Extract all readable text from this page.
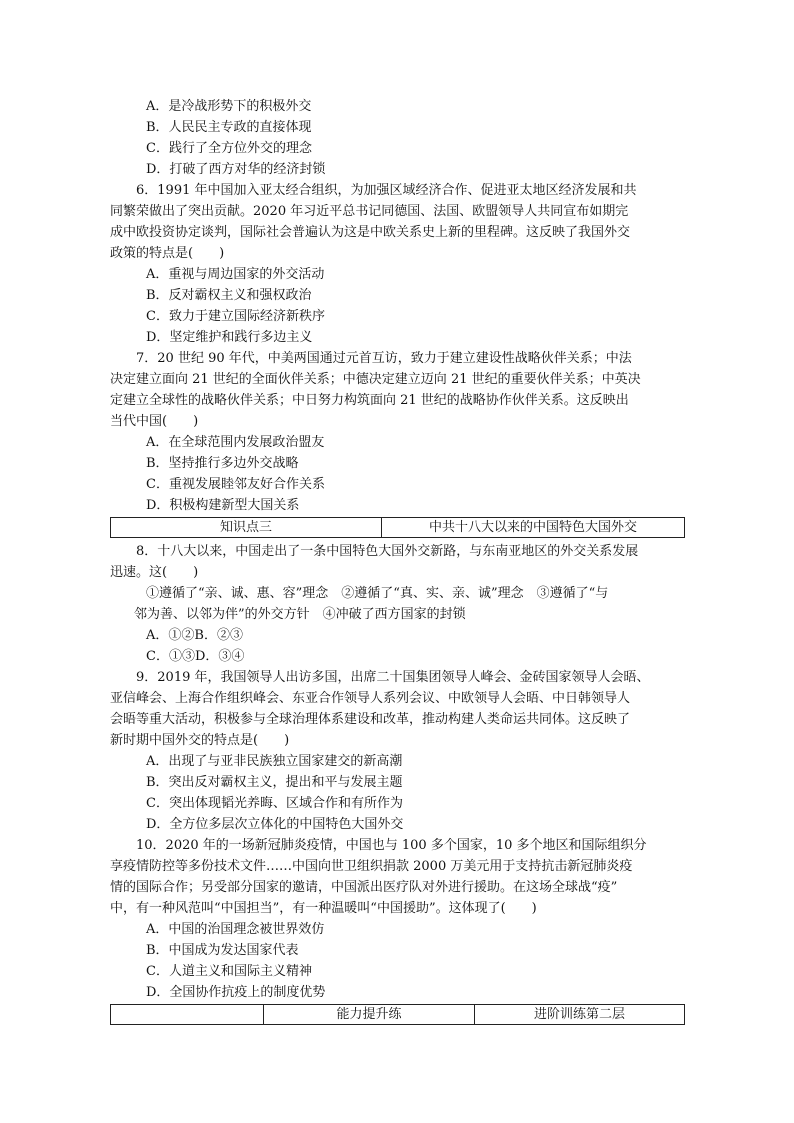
A．是冷战形势下的积极外交
B．人民民主专政的直接体现
C．践行了全方位外交的理念
D．打破了西方对华的经济封锁
6．1991 年中国加入亚太经合组织，为加强区域经济合作、促进亚太地区经济发展和共
同繁荣做出了突出贡献。2020 年习近平总书记同德国、法国、欧盟领导人共同宣布如期完
成中欧投资协定谈判，国际社会普遍认为这是中欧关系史上新的里程碑。这反映了我国外交
政策的特点是(　　)
A．重视与周边国家的外交活动
B．反对霸权主义和强权政治
C．致力于建立国际经济新秩序
D．坚定维护和践行多边主义
7．20 世纪 90 年代，中美两国通过元首互访，致力于建立建设性战略伙伴关系；中法
决定建立面向 21 世纪的全面伙伴关系；中德决定建立迈向 21 世纪的重要伙伴关系；中英决
定建立全球性的战略伙伴关系；中日努力构筑面向 21 世纪的战略协作伙伴关系。这反映出
当代中国(　　)
A．在全球范围内发展政治盟友
B．坚持推行多边外交战略
C．重视发展睦邻友好合作关系
D．积极构建新型大国关系
知识点三	中共十八大以来的中国特色大国外交
8．十八大以来，中国走出了一条中国特色大国外交新路，与东南亚地区的外交关系发展
迅速。这(　　)
①遵循了“亲、诚、惠、容”理念　②遵循了“真、实、亲、诚”理念　③遵循了“与
邻为善、以邻为伴”的外交方针　④冲破了西方国家的封锁
A．①②B．②③
C．①③D．③④
9．2019 年，我国领导人出访多国，出席二十国集团领导人峰会、金砖国家领导人会晤、
亚信峰会、上海合作组织峰会、东亚合作领导人系列会议、中欧领导人会晤、中日韩领导人
会晤等重大活动，积极参与全球治理体系建设和改革，推动构建人类命运共同体。这反映了
新时期中国外交的特点是(　　)
A．出现了与亚非民族独立国家建交的新高潮
B．突出反对霸权主义，提出和平与发展主题
C．突出体现韬光养晦、区域合作和有所作为
D．全方位多层次立体化的中国特色大国外交
10．2020 年的一场新冠肺炎疫情，中国也与 100 多个国家，10 多个地区和国际组织分
享疫情防控等多份技术文件……中国向世卫组织捐款 2000 万美元用于支持抗击新冠肺炎疫
情的国际合作；另受部分国家的邀请，中国派出医疗队对外进行援助。在这场全球战“疫”
中，有一种风范叫“中国担当”，有一种温暖叫“中国援助”。这体现了(　　)
A．中国的治国理念被世界效仿
B．中国成为发达国家代表
C．人道主义和国际主义精神
D．全国协作抗疫上的制度优势
	能力提升练	进阶训练第二层
